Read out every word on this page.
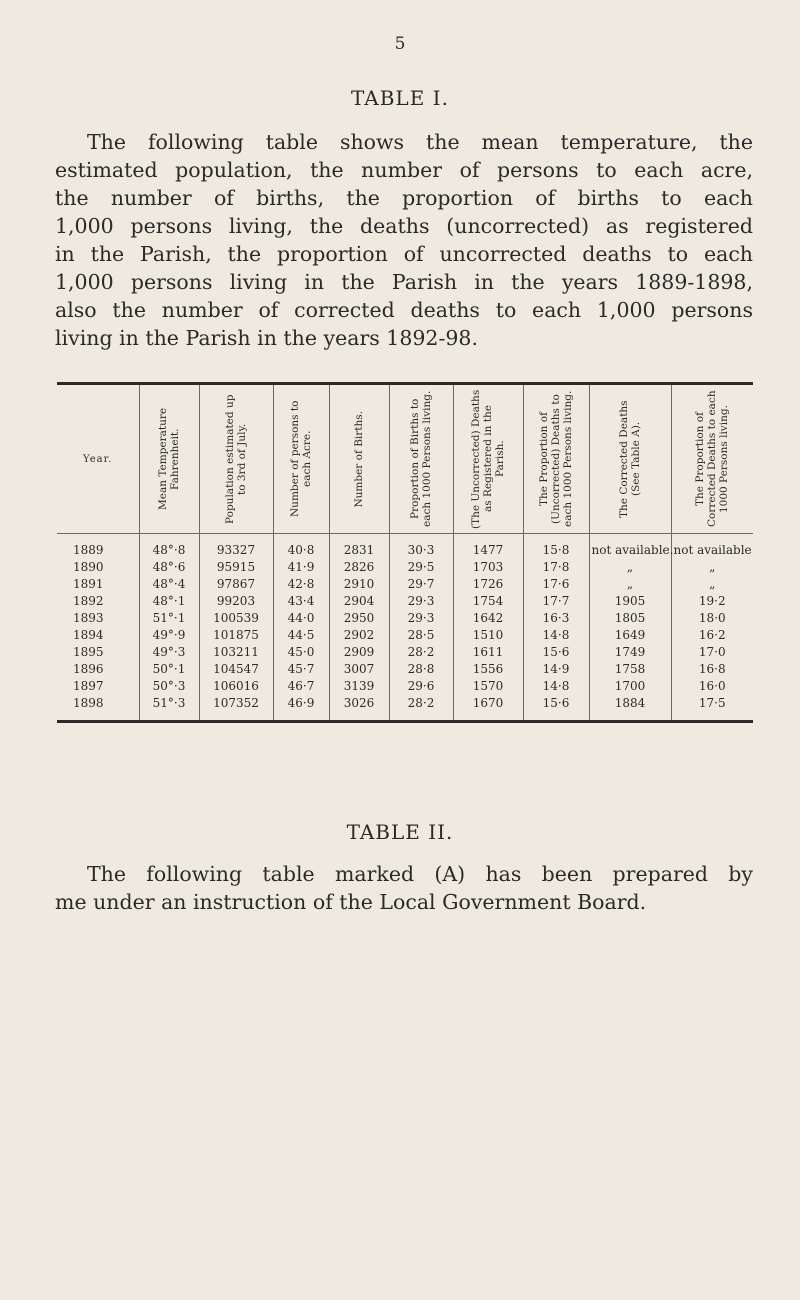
5
TABLE I.
The following table shows the mean temperature, the
estimated population, the number of persons to each acre,
the number of births, the proportion of births to each
1,000 persons living, the deaths (uncorrected) as registered
in the Parish, the proportion of uncorrected deaths to each
1,000 persons living in the Parish in the years 1889-1898,
also the number of corrected deaths to each 1,000 persons
living in the Parish in the years 1892-98.
Year.	Mean Temperature Fahrenheit.	Population estimated up to 3rd of July.	Number of persons to each Acre.	Number of Births.	Proportion of Births to each 1000 Persons living.	(The Uncorrected) Deaths as Registered in the Parish.	The Proportion of (Uncorrected) Deaths to each 1000 Persons living.	The Corrected Deaths (See Table A).	The Proportion of Corrected Deaths to each 1000 Persons living.

1889	48°·8	93327	40·8	2831	30·3	1477	15·8	not available.	not available
1890	48°·6	95915	41·9	2826	29·5	1703	17·8	„	„
1891	48°·4	97867	42·8	2910	29·7	1726	17·6	„	„
1892	48°·1	99203	43·4	2904	29·3	1754	17·7	1905	19·2
1893	51°·1	100539	44·0	2950	29·3	1642	16·3	1805	18·0
1894	49°·9	101875	44·5	2902	28·5	1510	14·8	1649	16·2
1895	49°·3	103211	45·0	2909	28·2	1611	15·6	1749	17·0
1896	50°·1	104547	45·7	3007	28·8	1556	14·9	1758	16·8
1897	50°·3	106016	46·7	3139	29·6	1570	14·8	1700	16·0
1898	51°·3	107352	46·9	3026	28·2	1670	15·6	1884	17·5
TABLE II.
The following table marked (A) has been prepared by
me under an instruction of the Local Government Board.
